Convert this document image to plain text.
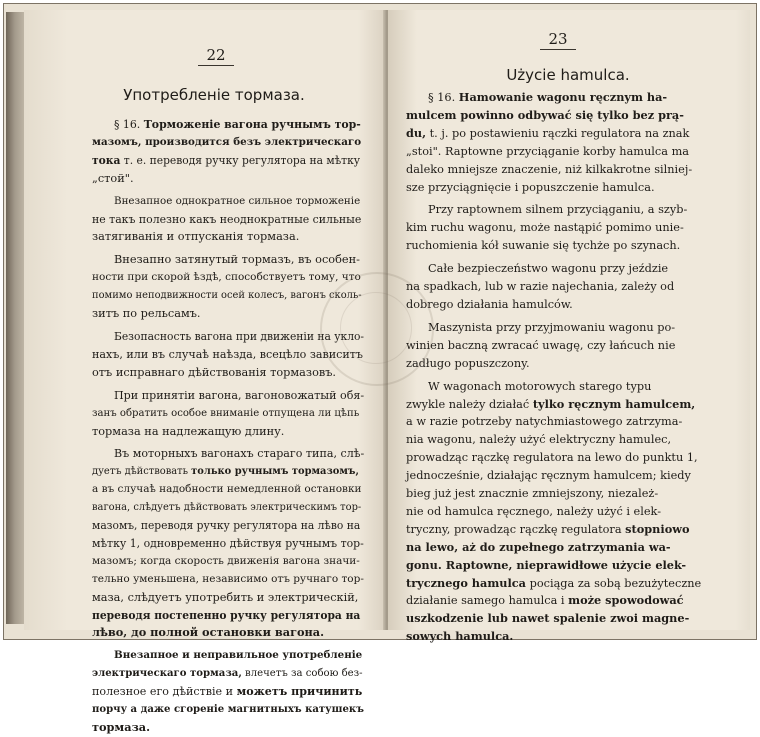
22
Употребленiе тормаза.
§ 16. Торможенiе вагона ручнымъ тор-
мазомъ, производится безъ электрическаго
тока т. е. переводя ручку регулятора на мѣтку
„стой".
Внезапное однократное сильное торможенiе
не такъ полезно какъ неоднократные сильные
затягиванiя и отпусканiя тормаза.
Внезапно затянутый тормазъ, въ особен-
ности при скорой ѣздѣ, способствуетъ тому, что
помимо неподвижности осей колесъ, вагонъ сколь-
зитъ по рельсамъ.
Безопасность вагона при движенiи на укло-
нахъ, или въ случаѣ наѣзда, всецѣло зависитъ
отъ исправнаго дѣйствованiя тормазовъ.
При принятiи вагона, вагоновожатый обя-
занъ обратить особое вниманiе отпущена ли цѣпь
тормаза на надлежащую длину.
Въ моторныхъ вагонахъ стараго типа, слѣ-
дуетъ дѣйствовать только ручнымъ тормазомъ,
а въ случаѣ надобности немедленной остановки
вагона, слѣдуетъ дѣйствовать электрическимъ тор-
мазомъ, переводя ручку регулятора на лѣво на
мѣтку 1, одновременно дѣйствуя ручнымъ тор-
мазомъ; когда скорость движенiя вагона значи-
тельно уменьшена, независимо отъ ручнаго тор-
маза, слѣдуетъ употребить и электрическiй,
переводя постепенно ручку регулятора на
лѣво, до полной остановки вагона.
Внезапное и неправильное употребленiе
электрическаго тормаза, влечетъ за собою без-
полезное его дѣйствiе и можетъ причинить
порчу а даже сгоренiе магнитныхъ катушекъ
тормаза.
23
Użycie hamulca.
§ 16. Hamowanie wagonu ręcznym ha-
mulcem powinno odbywać się tylko bez prą-
du, t. j. po postawieniu rączki regulatora na znak
„stoi". Raptowne przyciąganie korby hamulca ma
daleko mniejsze znaczenie, niż kilkakrotne silniej-
sze przyciągnięcie i popuszczenie hamulca.
Przy raptownem silnem przyciąganiu, a szyb-
kim ruchu wagonu, może nastąpić pomimo unie-
ruchomienia kół suwanie się tychże po szynach.
Całe bezpieczeństwo wagonu przy jeździe
na spadkach, lub w razie najechania, zależy od
dobrego działania hamulców.
Maszynista przy przyjmowaniu wagonu po-
winien baczną zwracać uwagę, czy łańcuch nie
zadługo popuszczony.
W wagonach motorowych starego typu
zwykle należy działać tylko ręcznym hamulcem,
a w razie potrzeby natychmiastowego zatrzyma-
nia wagonu, należy użyć elektryczny hamulec,
prowadząc rączkę regulatora na lewo do punktu 1,
jednocześnie, działając ręcznym hamulcem; kiedy
bieg już jest znacznie zmniejszony, niezależ-
nie od hamulca ręcznego, należy użyć i elek-
tryczny, prowadząc rączkę regulatora stopniowo
na lewo, aż do zupełnego zatrzymania wa-
gonu. Raptowne, nieprawidłowe użycie elek-
trycznego hamulca pociąga za sobą bezużyteczne
działanie samego hamulca i może spowodować
uszkodzenie lub nawet spalenie zwoi magne-
sowych hamulca.
